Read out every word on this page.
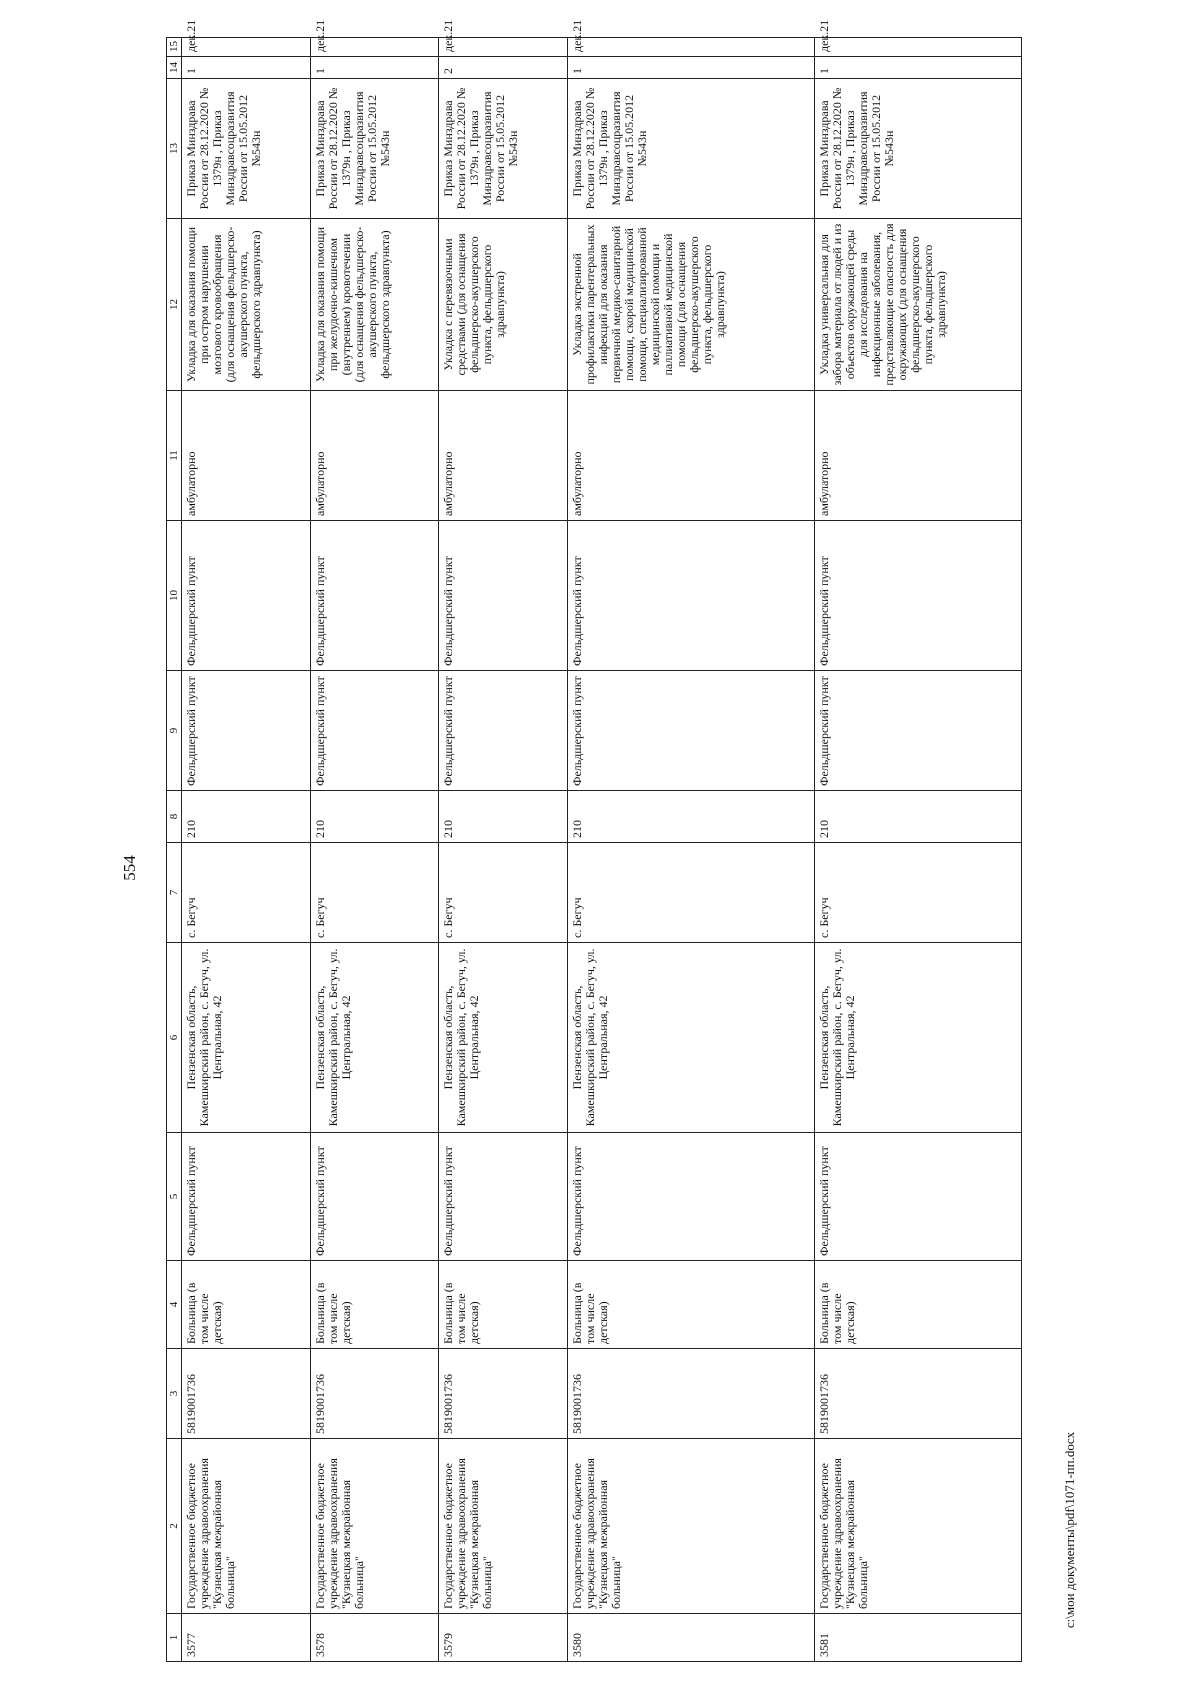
554
c:\мои документы\pdf\1071-пп.docx
1	2	3	4	5	6	7	8	9	10	11	12	13	14	15
3577	Государственное бюджетное учреждение здравоохранения "Кузнецкая межрайонная больница"	5819001736	Больница (в том числе детская)	Фельдшерский пункт	Пензенская область, Камешкирский район, с. Бегуч, ул. Центральная, 42	с. Бегуч	210	Фельдшерский пункт	Фельдшерский пункт	амбулаторно	Укладка для оказания помощи при остром нарушении мозгового кровообращения (для оснащения фельдшерско-акушерского пункта, фельдшерского здравпункта)	Приказ Минздрава России от 28.12.2020 № 1379н , Приказ Минздравсоцразвития России от 15.05.2012 №543н	1	дек.21
3578	Государственное бюджетное учреждение здравоохранения "Кузнецкая межрайонная больница"	5819001736	Больница (в том числе детская)	Фельдшерский пункт	Пензенская область, Камешкирский район, с. Бегуч, ул. Центральная, 42	с. Бегуч	210	Фельдшерский пункт	Фельдшерский пункт	амбулаторно	Укладка для оказания помощи при желудочно-кишечном (внутреннем) кровотечении (для оснащения фельдшерско-акушерского пункта, фельдшерского здравпункта)	Приказ Минздрава России от 28.12.2020 № 1379н , Приказ Минздравсоцразвития России от 15.05.2012 №543н	1	дек.21
3579	Государственное бюджетное учреждение здравоохранения "Кузнецкая межрайонная больница"	5819001736	Больница (в том числе детская)	Фельдшерский пункт	Пензенская область, Камешкирский район, с. Бегуч, ул. Центральная, 42	с. Бегуч	210	Фельдшерский пункт	Фельдшерский пункт	амбулаторно	Укладка с перевязочными средствами (для оснащения фельдшерско-акушерского пункта, фельдшерского здравпункта)	Приказ Минздрава России от 28.12.2020 № 1379н , Приказ Минздравсоцразвития России от 15.05.2012 №543н	2	дек.21
3580	Государственное бюджетное учреждение здравоохранения "Кузнецкая межрайонная больница"	5819001736	Больница (в том числе детская)	Фельдшерский пункт	Пензенская область, Камешкирский район, с. Бегуч, ул. Центральная, 42	с. Бегуч	210	Фельдшерский пункт	Фельдшерский пункт	амбулаторно	Укладка экстренной профилактики парентеральных инфекций для оказания первичной медико-санитарной помощи, скорой медицинской помощи, специализированной медицинской помощи и паллиативной медицинской помощи (для оснащения фельдшерско-акушерского пункта, фельдшерского здравпункта)	Приказ Минздрава России от 28.12.2020 № 1379н , Приказ Минздравсоцразвития России от 15.05.2012 №543н	1	дек.21
3581	Государственное бюджетное учреждение здравоохранения "Кузнецкая межрайонная больница"	5819001736	Больница (в том числе детская)	Фельдшерский пункт	Пензенская область, Камешкирский район, с. Бегуч, ул. Центральная, 42	с. Бегуч	210	Фельдшерский пункт	Фельдшерский пункт	амбулаторно	Укладка универсальная для забора материала от людей и из объектов окружающей среды для исследования на инфекционные заболевания, представляющие опасность для окружающих (для оснащения фельдшерско-акушерского пункта, фельдшерского здравпункта)	Приказ Минздрава России от 28.12.2020 № 1379н , Приказ Минздравсоцразвития России от 15.05.2012 №543н	1	дек.21
